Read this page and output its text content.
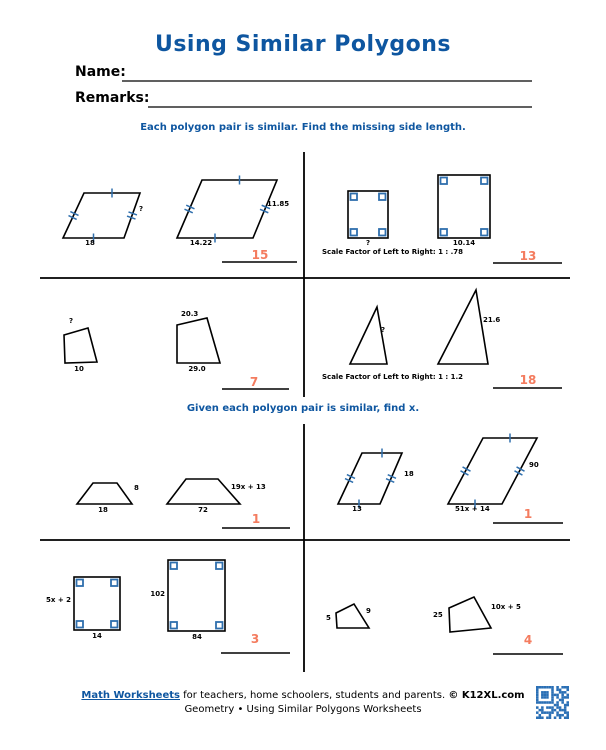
Using Similar Polygons
Name:
Remarks:
Each polygon pair is similar. Find the missing side length.
Given each polygon pair is similar, find x.
?
18
11.85
14.22
15
?	10.14
Scale Factor of Left to Right: 1 : .78	13
?
10
20.3
29.0
7
?
21.6
Scale Factor of Left to Right: 1 : 1.2	18
8
18
19x + 13
72
1
18
13
90
51x + 14	1
5x + 2
14
102
84	3
5
9	25
10x + 5
4
Math Worksheets for teachers, home schoolers, students and parents. © K12XL.com
Geometry • Using Similar Polygons Worksheets
